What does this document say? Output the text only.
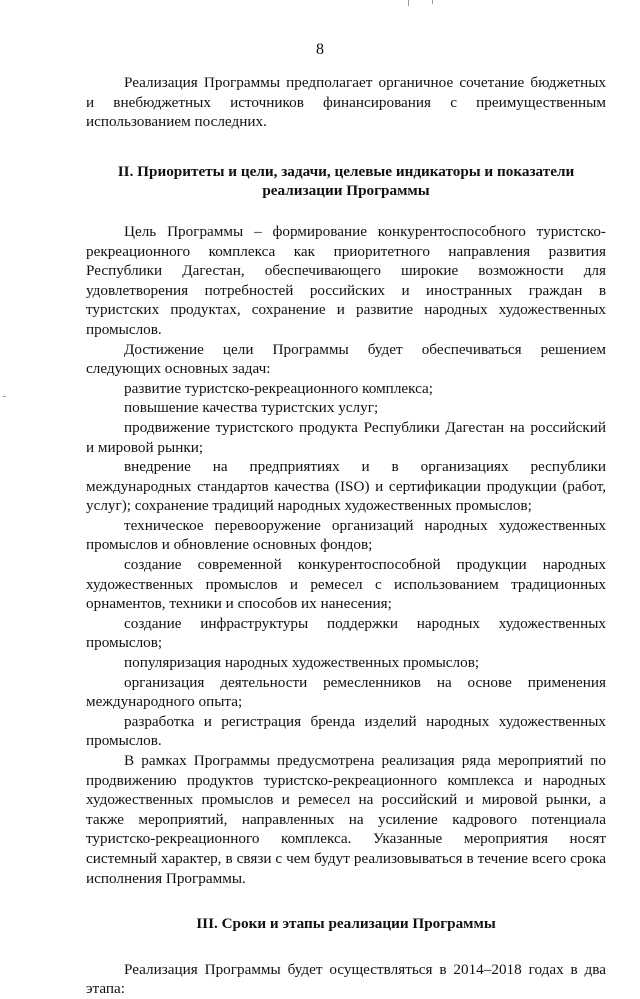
8

Реализация Программы предполагает органичное сочетание бюджетных и внебюджетных источников финансирования с преимущественным использованием последних.

II. Приоритеты и цели, задачи, целевые индикаторы и показатели
реализации Программы

Цель Программы – формирование конкурентоспособного туристско-рекреационного комплекса как приоритетного направления развития Республики Дагестан, обеспечивающего широкие возможности для удовлетворения потребностей российских и иностранных граждан в туристских продуктах, сохранение и развитие народных художественных промыслов.

Достижение цели Программы будет обеспечиваться решением следующих основных задач:

развитие туристско-рекреационного комплекса;

повышение качества туристских услуг;

продвижение туристского продукта Республики Дагестан на российский и мировой рынки;

внедрение на предприятиях и в организациях республики международных стандартов качества (ISO) и сертификации продукции (работ, услуг); сохранение традиций народных художественных промыслов;

техническое перевооружение организаций народных художественных промыслов и обновление основных фондов;

создание современной конкурентоспособной продукции народных художественных промыслов и ремесел с использованием традиционных орнаментов, техники и способов их нанесения;

создание инфраструктуры поддержки народных художественных промыслов;

популяризация народных художественных промыслов;

организация деятельности ремесленников на основе применения международного опыта;

разработка и регистрация бренда изделий народных художественных промыслов.

В рамках Программы предусмотрена реализация ряда мероприятий по продвижению продуктов туристско-рекреационного комплекса и народных художественных промыслов и ремесел на российский и мировой рынки, а также мероприятий, направленных на усиление кадрового потенциала туристско-рекреационного комплекса. Указанные мероприятия носят системный характер, в связи с чем будут реализовываться в течение всего срока исполнения Программы.

III. Сроки и этапы реализации Программы

Реализация Программы будет осуществляться в 2014–2018 годах в два этапа:
